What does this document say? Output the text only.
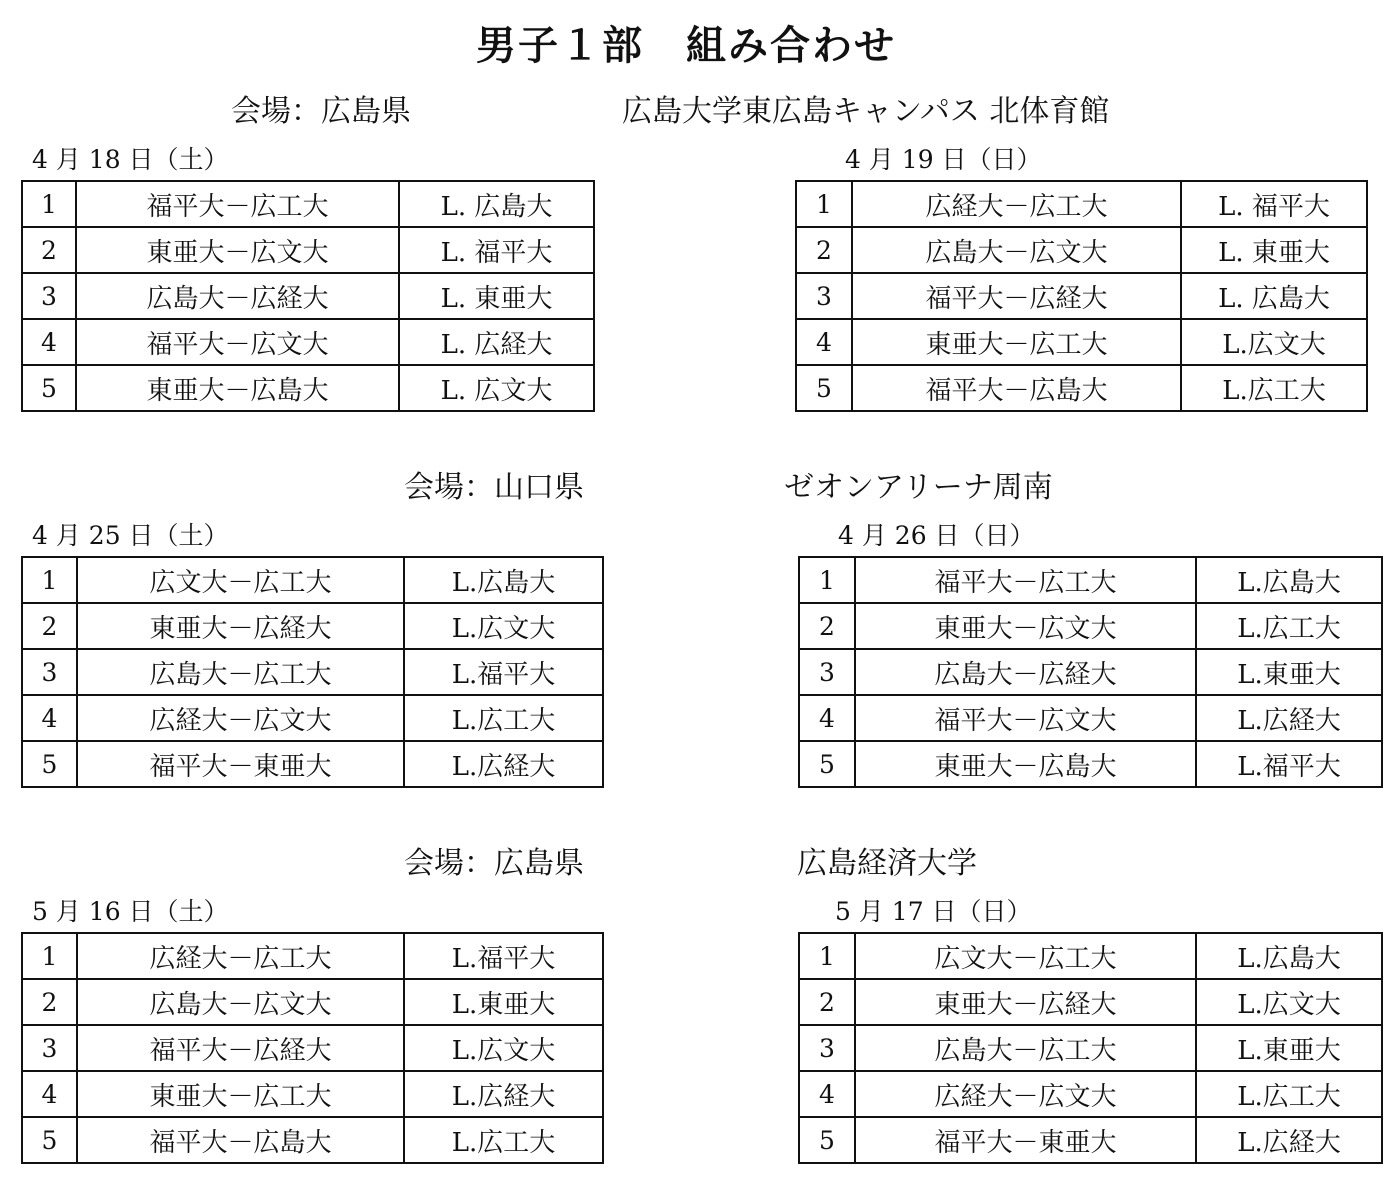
男子１部　組み合わせ
会場：広島県	広島大学東広島キャンパス 北体育館
4 月 18 日（土）	4 月 19 日（日）
1	福平大－広工大	L. 広島大
2	東亜大－広文大	L. 福平大
3	広島大－広経大	L. 東亜大
4	福平大－広文大	L. 広経大
5	東亜大－広島大	L. 広文大
1	広経大－広工大	L. 福平大
2	広島大－広文大	L. 東亜大
3	福平大－広経大	L. 広島大
4	東亜大－広工大	L.広文大
5	福平大－広島大	L.広工大
会場：山口県	ゼオンアリーナ周南
4 月 25 日（土）	4 月 26 日（日）
1	広文大－広工大	L.広島大
2	東亜大－広経大	L.広文大
3	広島大－広工大	L.福平大
4	広経大－広文大	L.広工大
5	福平大－東亜大	L.広経大
1	福平大－広工大	L.広島大
2	東亜大－広文大	L.広工大
3	広島大－広経大	L.東亜大
4	福平大－広文大	L.広経大
5	東亜大－広島大	L.福平大
会場：広島県	広島経済大学
5 月 16 日（土）	5 月 17 日（日）
1	広経大－広工大	L.福平大
2	広島大－広文大	L.東亜大
3	福平大－広経大	L.広文大
4	東亜大－広工大	L.広経大
5	福平大－広島大	L.広工大
1	広文大－広工大	L.広島大
2	東亜大－広経大	L.広文大
3	広島大－広工大	L.東亜大
4	広経大－広文大	L.広工大
5	福平大－東亜大	L.広経大
